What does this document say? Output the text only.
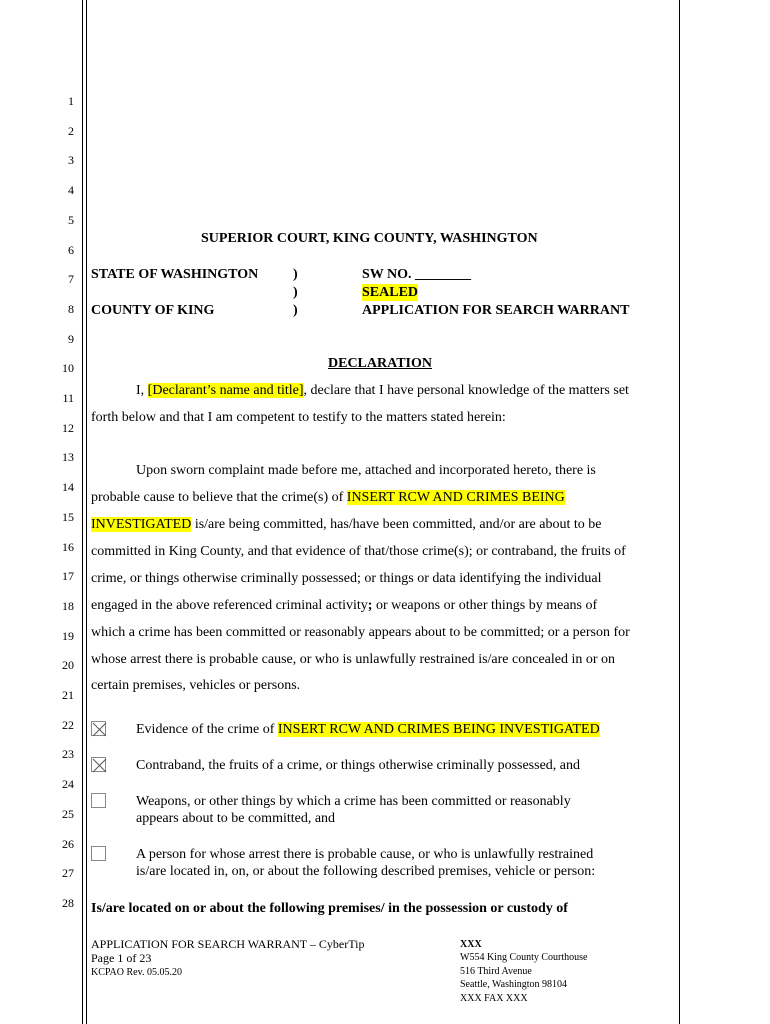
1
2
3
4
5
6
7
8
9
10
11
12
13
14
15
16
17
18
19
20
21
22
23
24
25
26
27
28
SUPERIOR COURT, KING COUNTY, WASHINGTON
STATE OF WASHINGTON )
)
)
COUNTY OF KING
SW NO. ________
SEALED
APPLICATION FOR SEARCH WARRANT
DECLARATION
I, [Declarant’s name and title], declare that I have personal knowledge of the matters set
forth below and that I am competent to testify to the matters stated herein:
Upon sworn complaint made before me, attached and incorporated hereto, there is
probable cause to believe that the crime(s) of INSERT RCW AND CRIMES BEING
INVESTIGATED is/are being committed, has/have been committed, and/or are about to be
committed in King County, and that evidence of that/those crime(s); or contraband, the fruits of
crime, or things otherwise criminally possessed; or things or data identifying the individual
engaged in the above referenced criminal activity; or weapons or other things by means of
which a crime has been committed or reasonably appears about to be committed; or a person for
whose arrest there is probable cause, or who is unlawfully restrained is/are concealed in or on
certain premises, vehicles or persons.
Evidence of the crime of INSERT RCW AND CRIMES BEING INVESTIGATED
Contraband, the fruits of a crime, or things otherwise criminally possessed, and
Weapons, or other things by which a crime has been committed or reasonably
appears about to be committed, and
A person for whose arrest there is probable cause, or who is unlawfully restrained
is/are located in, on, or about the following described premises, vehicle or person:
Is/are located on or about the following premises/ in the possession or custody of
APPLICATION FOR SEARCH WARRANT – CyberTip
Page 1 of 23
KCPAO Rev. 05.05.20
XXX
W554 King County Courthouse
516 Third Avenue
Seattle, Washington 98104
XXX FAX XXX
